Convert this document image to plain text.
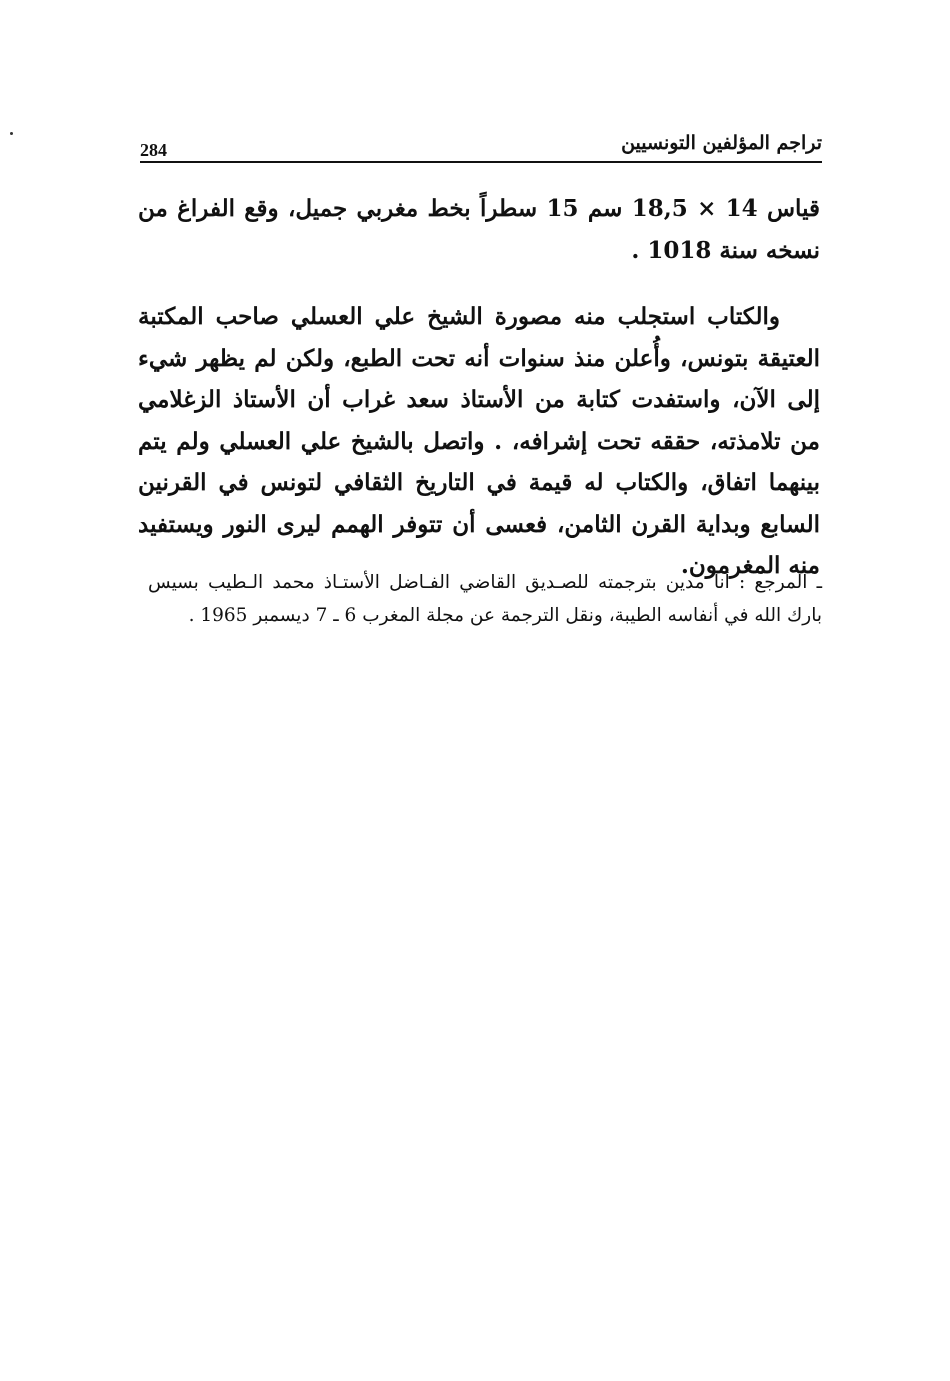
تراجم المؤلفين التونسيين
284

قياس 14 × 18,5 سم 15 سطراً بخط مغربي جميل، وقع الفراغ من نسخه سنة 1018 .

والكتاب استجلب منه مصورة الشيخ علي العسلي صاحب المكتبة العتيقة بتونس، وأُعلن منذ سنوات أنه تحت الطبع، ولكن لم يظهر شيء إلى الآن، واستفدت كتابة من الأستاذ سعد غراب أن الأستاذ الزغلامي من تلامذته، حققه تحت إشرافه، . واتصل بالشيخ علي العسلي ولم يتم بينهما اتفاق، والكتاب له قيمة في التاريخ الثقافي لتونس في القرنين السابع وبداية القرن الثامن، فعسى أن تتوفر الهمم ليرى النور ويستفيد منه المغرمون.

ـ المرجع : أنا مدين بترجمته للصـديق القاضي الفـاضل الأستـاذ محمد الـطيب بسيس بارك الله في أنفاسه الطيبة، ونقل الترجمة عن مجلة المغرب 6 ـ 7 ديسمبر 1965 .
